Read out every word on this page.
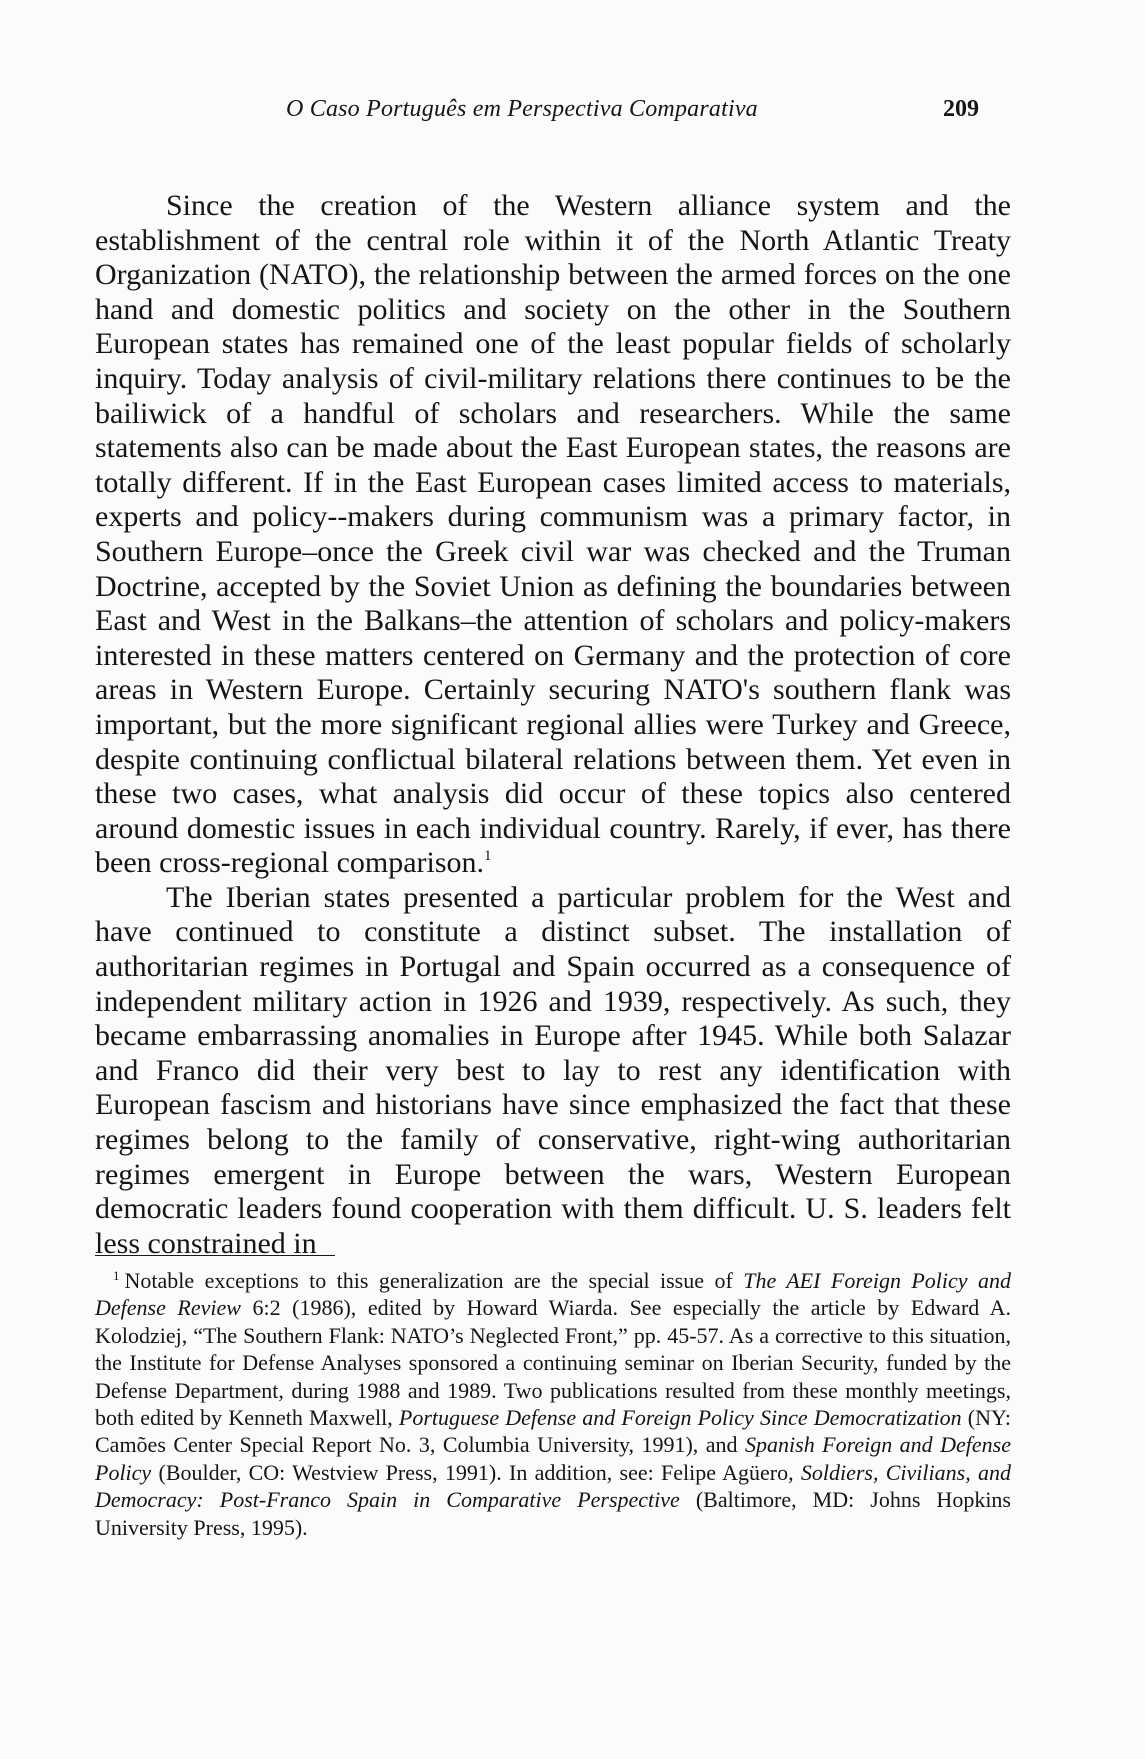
O Caso Português em Perspectiva Comparativa	209

Since the creation of the Western alliance system and the establishment of the central role within it of the North Atlantic Treaty Organization (NATO), the relationship between the armed forces on the one hand and domestic politics and society on the other in the Southern European states has remained one of the least popular fields of scholarly inquiry. Today analysis of civil-military relations there continues to be the bailiwick of a handful of scholars and researchers. While the same statements also can be made about the East European states, the reasons are totally different. If in the East European cases limited access to materials, experts and policy--makers during communism was a primary factor, in Southern Europe–once the Greek civil war was checked and the Truman Doctrine, accepted by the Soviet Union as defining the boundaries between East and West in the Balkans–the attention of scholars and policy-makers interested in these matters centered on Germany and the protection of core areas in Western Europe. Certainly securing NATO's southern flank was important, but the more significant regional allies were Turkey and Greece, despite continuing conflictual bilateral relations between them. Yet even in these two cases, what analysis did occur of these topics also centered around domestic issues in each individual country. Rarely, if ever, has there been cross-regional comparison.$^1$

The Iberian states presented a particular problem for the West and have continued to constitute a distinct subset. The installation of authoritarian regimes in Portugal and Spain occurred as a consequence of independent military action in 1926 and 1939, respectively. As such, they became embarrassing anomalies in Europe after 1945. While both Salazar and Franco did their very best to lay to rest any identification with European fascism and historians have since emphasized the fact that these regimes belong to the family of conservative, right-wing authoritarian regimes emergent in Europe between the wars, Western European democratic leaders found cooperation with them difficult. U. S. leaders felt less constrained in

$^1$ Notable exceptions to this generalization are the special issue of The AEI Foreign Policy and Defense Review 6:2 (1986), edited by Howard Wiarda. See especially the article by Edward A. Kolodziej, “The Southern Flank: NATO’s Neglected Front,” pp. 45-57. As a corrective to this situation, the Institute for Defense Analyses sponsored a continuing seminar on Iberian Security, funded by the Defense Department, during 1988 and 1989. Two publications resulted from these monthly meetings, both edited by Kenneth Maxwell, Portuguese Defense and Foreign Policy Since Democratization (NY: Camões Center Special Report No. 3, Columbia University, 1991), and Spanish Foreign and Defense Policy (Boulder, CO: Westview Press, 1991). In addition, see: Felipe Agüero, Soldiers, Civilians, and Democracy: Post-Franco Spain in Comparative Perspective (Baltimore, MD: Johns Hopkins University Press, 1995).
